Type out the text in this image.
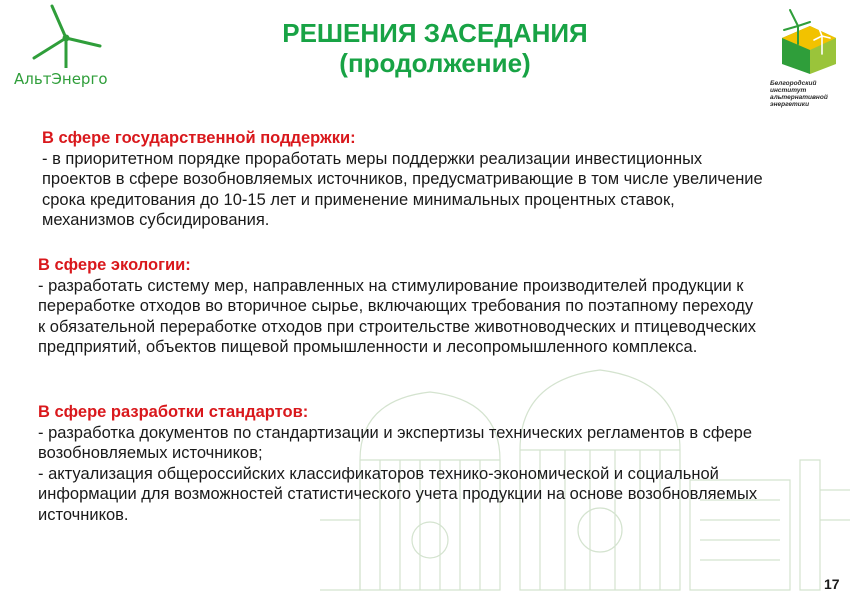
АльтЭнерго	Белгородский институт
альтернативной
энергетики
РЕШЕНИЯ ЗАСЕДАНИЯ
(продолжение)
В сфере государственной поддержки:
- в приоритетном порядке проработать меры поддержки реализации инвестиционных
проектов в сфере возобновляемых источников, предусматривающие в том числе увеличение
срока кредитования до 10-15 лет и применение минимальных процентных ставок,
механизмов субсидирования.
В сфере экологии:
- разработать систему мер, направленных на стимулирование производителей продукции к
переработке отходов во вторичное сырье, включающих требования по поэтапному переходу
к обязательной переработке отходов при строительстве животноводческих и птицеводческих
предприятий, объектов пищевой промышленности и лесопромышленного комплекса.
В сфере разработки стандартов:
- разработка документов по стандартизации и экспертизы технических регламентов в сфере
возобновляемых источников;
- актуализация общероссийских классификаторов технико-экономической и социальной
информации для возможностей статистического учета продукции на основе возобновляемых
источников.
17
